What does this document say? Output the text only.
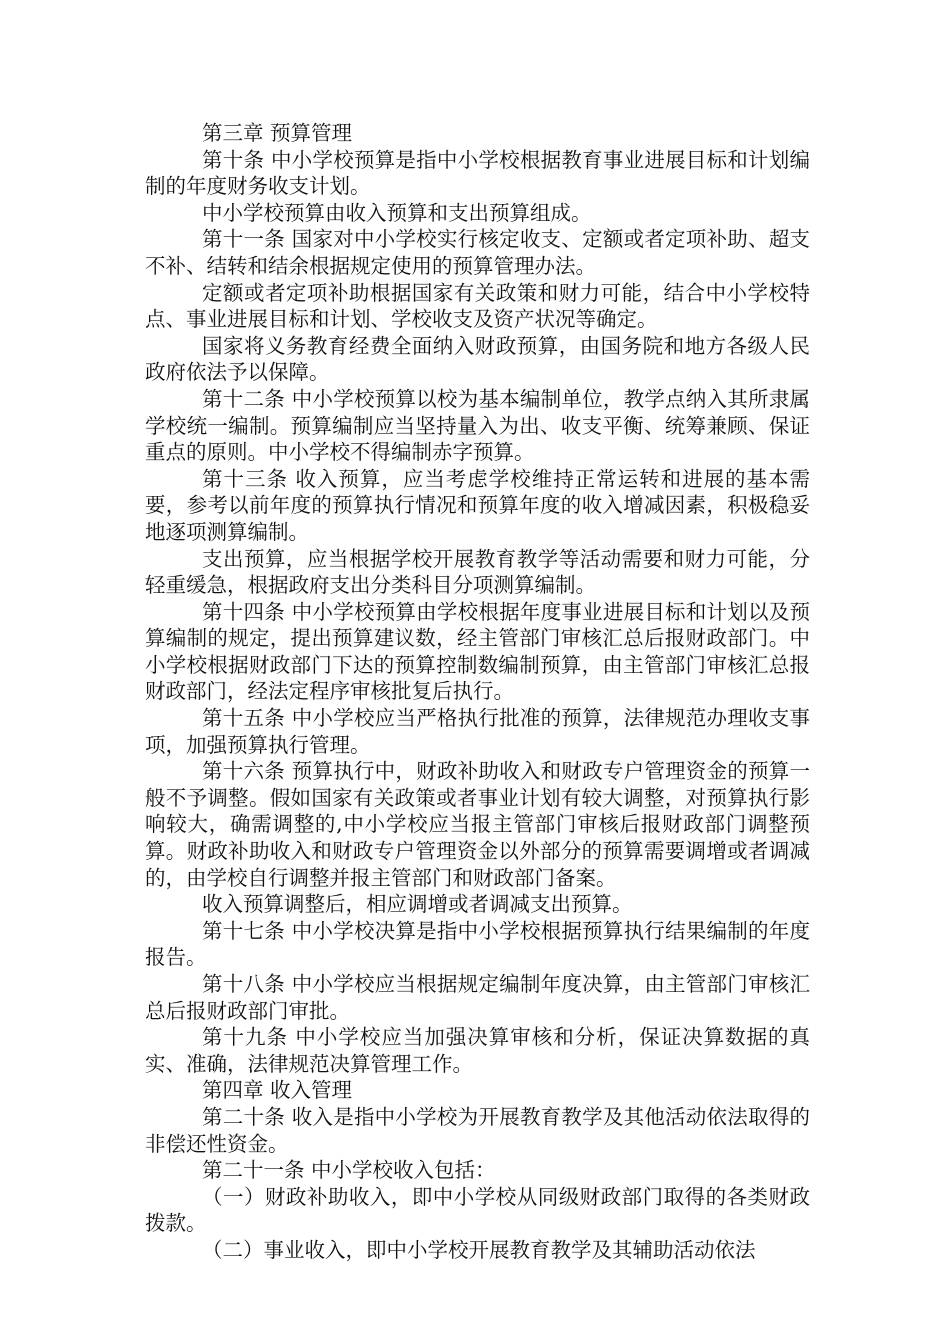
第三章 预算管理

第十条 中小学校预算是指中小学校根据教育事业进展目标和计划编制的年度财务收支计划。

中小学校预算由收入预算和支出预算组成。

第十一条 国家对中小学校实行核定收支、定额或者定项补助、超支不补、结转和结余根据规定使用的预算管理办法。

定额或者定项补助根据国家有关政策和财力可能，结合中小学校特点、事业进展目标和计划、学校收支及资产状况等确定。

国家将义务教育经费全面纳入财政预算，由国务院和地方各级人民政府依法予以保障。

第十二条 中小学校预算以校为基本编制单位，教学点纳入其所隶属学校统一编制。预算编制应当坚持量入为出、收支平衡、统筹兼顾、保证重点的原则。中小学校不得编制赤字预算。

第十三条 收入预算，应当考虑学校维持正常运转和进展的基本需要，参考以前年度的预算执行情况和预算年度的收入增减因素，积极稳妥地逐项测算编制。

支出预算，应当根据学校开展教育教学等活动需要和财力可能，分轻重缓急，根据政府支出分类科目分项测算编制。

第十四条 中小学校预算由学校根据年度事业进展目标和计划以及预算编制的规定，提出预算建议数，经主管部门审核汇总后报财政部门。中小学校根据财政部门下达的预算控制数编制预算，由主管部门审核汇总报财政部门，经法定程序审核批复后执行。

第十五条 中小学校应当严格执行批准的预算，法律规范办理收支事项，加强预算执行管理。

第十六条 预算执行中，财政补助收入和财政专户管理资金的预算一般不予调整。假如国家有关政策或者事业计划有较大调整，对预算执行影响较大，确需调整的,中小学校应当报主管部门审核后报财政部门调整预算。财政补助收入和财政专户管理资金以外部分的预算需要调增或者调减的，由学校自行调整并报主管部门和财政部门备案。

收入预算调整后，相应调增或者调减支出预算。

第十七条 中小学校决算是指中小学校根据预算执行结果编制的年度报告。

第十八条 中小学校应当根据规定编制年度决算，由主管部门审核汇总后报财政部门审批。

第十九条 中小学校应当加强决算审核和分析，保证决算数据的真实、准确，法律规范决算管理工作。

第四章 收入管理

第二十条 收入是指中小学校为开展教育教学及其他活动依法取得的非偿还性资金。

第二十一条 中小学校收入包括：

（一）财政补助收入，即中小学校从同级财政部门取得的各类财政拨款。

（二）事业收入，即中小学校开展教育教学及其辅助活动依法
